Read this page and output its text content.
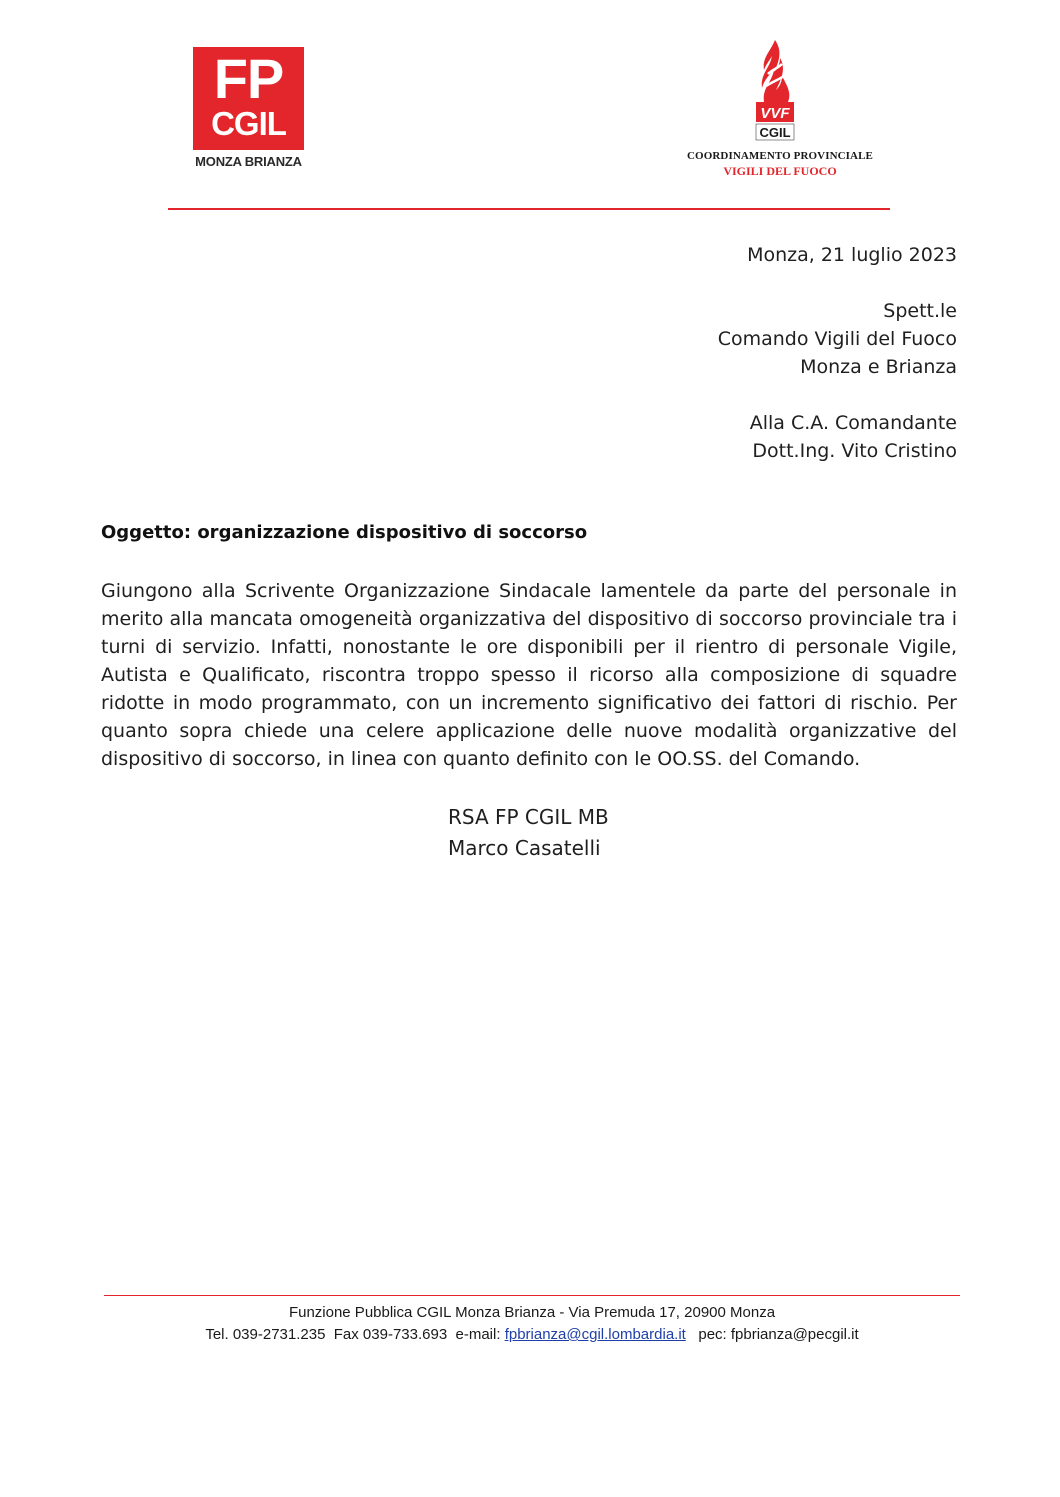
FP
CGIL
MONZA BRIANZA
VVF
CGIL
COORDINAMENTO PROVINCIALE
VIGILI DEL FUOCO
Monza, 21 luglio 2023
Spett.le
Comando Vigili del Fuoco
Monza e Brianza
Alla C.A. Comandante
Dott.Ing. Vito Cristino
Oggetto: organizzazione dispositivo di soccorso
Giungono alla Scrivente Organizzazione Sindacale lamentele da parte del personale in merito alla mancata omogeneità organizzativa del dispositivo di soccorso provinciale tra i turni di servizio. Infatti, nonostante le ore disponibili per il rientro di personale Vigile, Autista e Qualificato, riscontra troppo spesso il ricorso alla composizione di squadre ridotte in modo programmato, con un incremento significativo dei fattori di rischio. Per quanto sopra chiede una celere applicazione delle nuove modalità organizzative del dispositivo di soccorso, in linea con quanto definito con le OO.SS. del Comando.
RSA FP CGIL MB
Marco Casatelli
Funzione Pubblica CGIL Monza Brianza - Via Premuda 17, 20900 Monza
Tel. 039-2731.235  Fax 039-733.693  e-mail: fpbrianza@cgil.lombardia.it   pec: fpbrianza@pecgil.it
